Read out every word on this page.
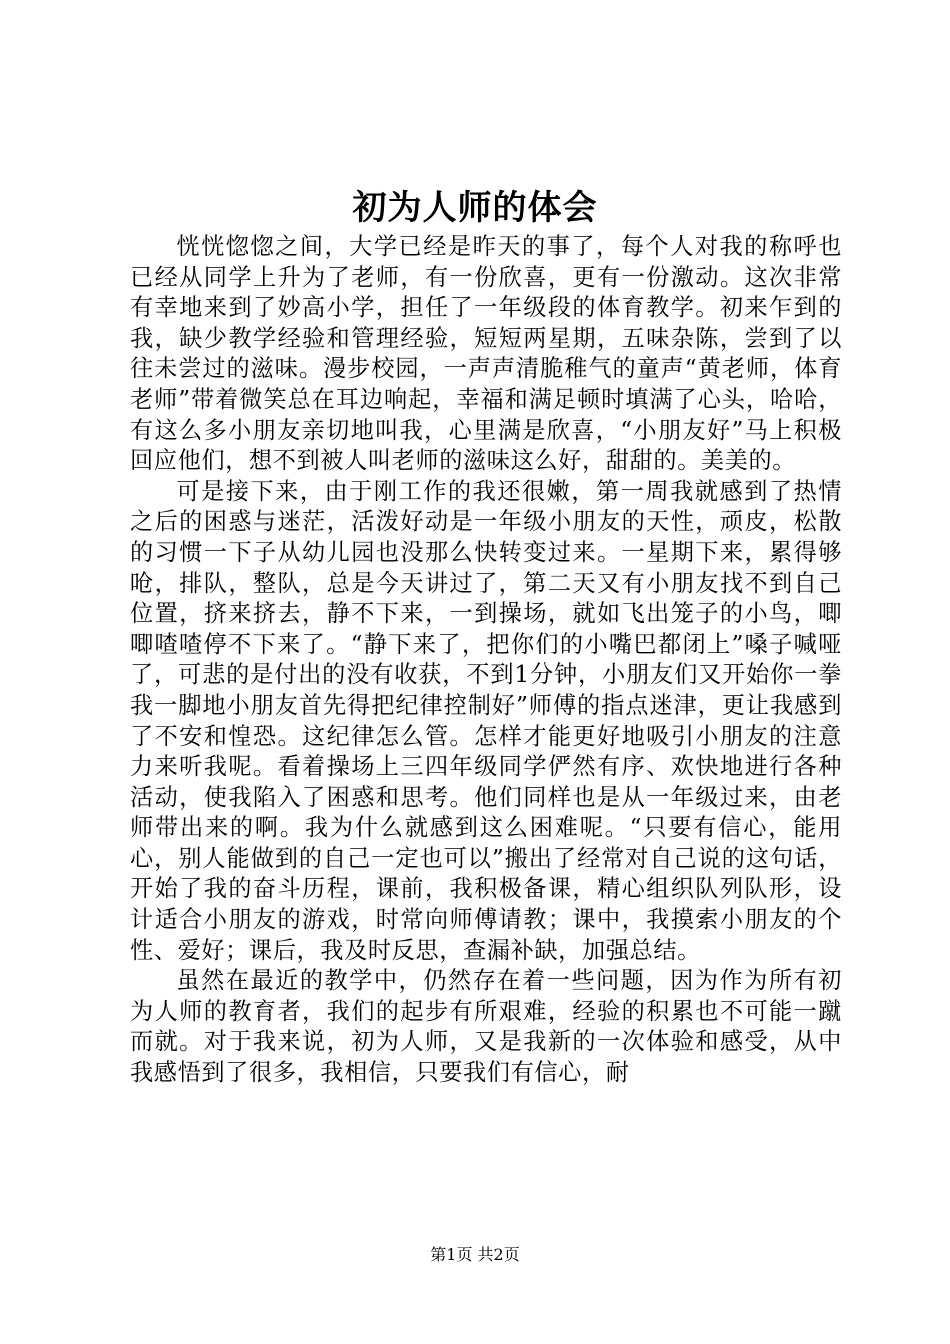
初为人师的体会

恍恍惚惚之间，大学已经是昨天的事了，每个人对我的称呼也已经从同学上升为了老师，有一份欣喜，更有一份激动。这次非常有幸地来到了妙高小学，担任了一年级段的体育教学。初来乍到的我，缺少教学经验和管理经验，短短两星期，五味杂陈，尝到了以往未尝过的滋味。漫步校园，一声声清脆稚气的童声“黄老师，体育老师”带着微笑总在耳边响起，幸福和满足顿时填满了心头，哈哈，有这么多小朋友亲切地叫我，心里满是欣喜，“小朋友好”马上积极回应他们，想不到被人叫老师的滋味这么好，甜甜的。美美的。

可是接下来，由于刚工作的我还很嫩，第一周我就感到了热情之后的困惑与迷茫，活泼好动是一年级小朋友的天性，顽皮，松散的习惯一下子从幼儿园也没那么快转变过来。一星期下来，累得够呛，排队，整队，总是今天讲过了，第二天又有小朋友找不到自己位置，挤来挤去，静不下来，一到操场，就如飞出笼子的小鸟，唧唧喳喳停不下来了。“静下来了，把你们的小嘴巴都闭上”嗓子喊哑了，可悲的是付出的没有收获，不到1分钟，小朋友们又开始你一拳我一脚地小朋友首先得把纪律控制好”师傅的指点迷津，更让我感到了不安和惶恐。这纪律怎么管。怎样才能更好地吸引小朋友的注意力来听我呢。看着操场上三四年级同学俨然有序、欢快地进行各种活动，使我陷入了困惑和思考。他们同样也是从一年级过来，由老师带出来的啊。我为什么就感到这么困难呢。“只要有信心，能用心，别人能做到的自己一定也可以”搬出了经常对自己说的这句话，开始了我的奋斗历程，课前，我积极备课，精心组织队列队形，设计适合小朋友的游戏，时常向师傅请教；课中，我摸索小朋友的个性、爱好；课后，我及时反思，查漏补缺，加强总结。

虽然在最近的教学中，仍然存在着一些问题，因为作为所有初为人师的教育者，我们的起步有所艰难，经验的积累也不可能一蹴而就。对于我来说，初为人师，又是我新的一次体验和感受，从中我感悟到了很多，我相信，只要我们有信心，耐

第1页 共2页
